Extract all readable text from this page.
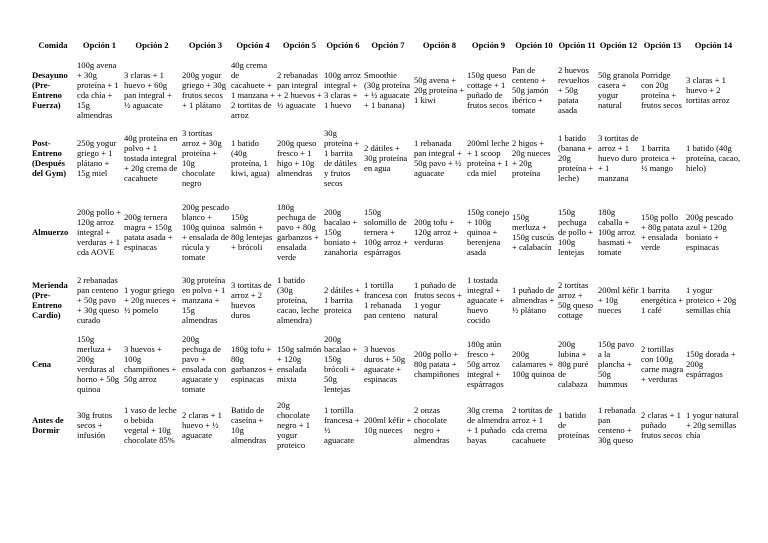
Comida	Opción 1	Opción 2	Opción 3	Opción 4	Opción 5	Opción 6	Opción 7	Opción 8	Opción 9	Opción 10	Opción 11	Opción 12	Opción 13	Opción 14
Desayuno (Pre-Entreno Fuerza)	100g avena + 30g proteína + 1 cda chía + 15g almendras	3 claras + 1 huevo + 60g pan integral + ½ aguacate	200g yogur griego + 30g frutos secos + 1 plátano	40g crema de cacahuete + 1 manzana + 2 tortitas de arroz	2 rebanadas pan integral + 2 huevos + ½ aguacate	100g arroz integral + 3 claras + 1 huevo	Smoothie (30g proteína + ½ aguacate + 1 banana)	50g avena + 20g proteína + 1 kiwi	150g queso cottage + 1 puñado de frutos secos	Pan de centeno + 50g jamón ibérico + tomate	2 huevos revueltos + 50g patata asada	50g granola casera + yogur natural	Porridge con 20g proteína + frutos secos	3 claras + 1 huevo + 2 tortitas arroz
Post-Entreno (Después del Gym)	250g yogur griego + 1 plátano + 15g miel	40g proteína en polvo + 1 tostada integral + 20g crema de cacahuete	3 tortitas arroz + 30g proteína + 10g chocolate negro	1 batido (40g proteína, 1 kiwi, agua)	200g queso fresco + 1 higo + 10g almendras	30g proteína + 1 barrita de dátiles y frutos secos	2 dátiles + 30g proteína en agua	1 rebanada pan integral + 50g pavo + ½ aguacate	200ml leche + 1 scoop proteína + 1 cda miel	2 higos + 20g nueces + 20g proteína	1 batido (banana + 20g proteína + leche)	3 tortitas de arroz + 1 huevo duro + 1 manzana	1 barrita proteica + ½ mango	1 batido (40g proteína, cacao, hielo)
Almuerzo	200g pollo + 120g arroz integral + verduras + 1 cda AOVE	200g ternera magra + 150g patata asada + espinacas	200g pescado blanco + 100g quinoa + ensalada de rúcula y tomate	150g salmón + 80g lentejas + brócoli	180g pechuga de pavo + 80g garbanzos + ensalada verde	200g bacalao + 150g boniato + zanahoria	150g solomillo de ternera + 100g arroz + espárragos	200g tofu + 120g arroz + verduras	150g conejo + 100g quinoa + berenjena asada	150g merluza + 150g cuscús + calabacín	150g pechuga de pollo + 100g lentejas	180g caballa + 100g arroz basmati + tomate	150g pollo + 80g patata + ensalada verde	200g pescado azul + 120g boniato + espinacas
Merienda (Pre-Entreno Cardio)	2 rebanadas pan centeno + 50g pavo + 30g queso curado	1 yogur griego + 20g nueces + ½ pomelo	30g proteína en polvo + 1 manzana + 15g almendras	3 tortitas de arroz + 2 huevos duros	1 batido (30g proteína, cacao, leche almendra)	2 dátiles + 1 barrita proteica	1 tortilla francesa con 1 rebanada pan centeno	1 puñado de frutos secos + 1 yogur natural	1 tostada integral + aguacate + huevo cocido	1 puñado de almendras + ½ plátano	2 tortitas arroz + 50g queso cottage	200ml kéfir + 10g nueces	1 barrita energética + 1 café	1 yogur proteico + 20g semillas chía
Cena	150g merluza + 200g verduras al horno + 50g quinoa	3 huevos + 100g champiñones + 50g arroz	200g pechuga de pavo + ensalada con aguacate y tomate	180g tofu + 80g garbanzos + espinacas	150g salmón + 120g ensalada mixta	200g bacalao + 150g brócoli + 50g lentejas	3 huevos duros + 50g aguacate + espinacas	200g pollo + 80g patata + champiñones	180g atún fresco + 50g arroz integral + espárragos	200g calamares + 100g quinoa	200g lubina + 80g puré de calabaza	150g pavo a la plancha + 50g hummus	2 tortillas con 100g carne magra + verduras	150g dorada + 200g espárragos
Antes de Dormir	30g frutos secos + infusión	1 vaso de leche o bebida vegetal + 10g chocolate 85%	2 claras + 1 huevo + ½ aguacate	Batido de caseína + 10g almendras	20g chocolate negro + 1 yogur proteico	1 tortilla francesa + ½ aguacate	200ml kéfir + 10g nueces	2 onzas chocolate negro + almendras	30g crema de almendra + 1 puñado bayas	2 tortitas de arroz + 1 cda crema cacahuete	1 batido de proteínas	1 rebanada pan centeno + 30g queso	2 claras + 1 puñado frutos secos	1 yogur natural + 20g semillas chía
